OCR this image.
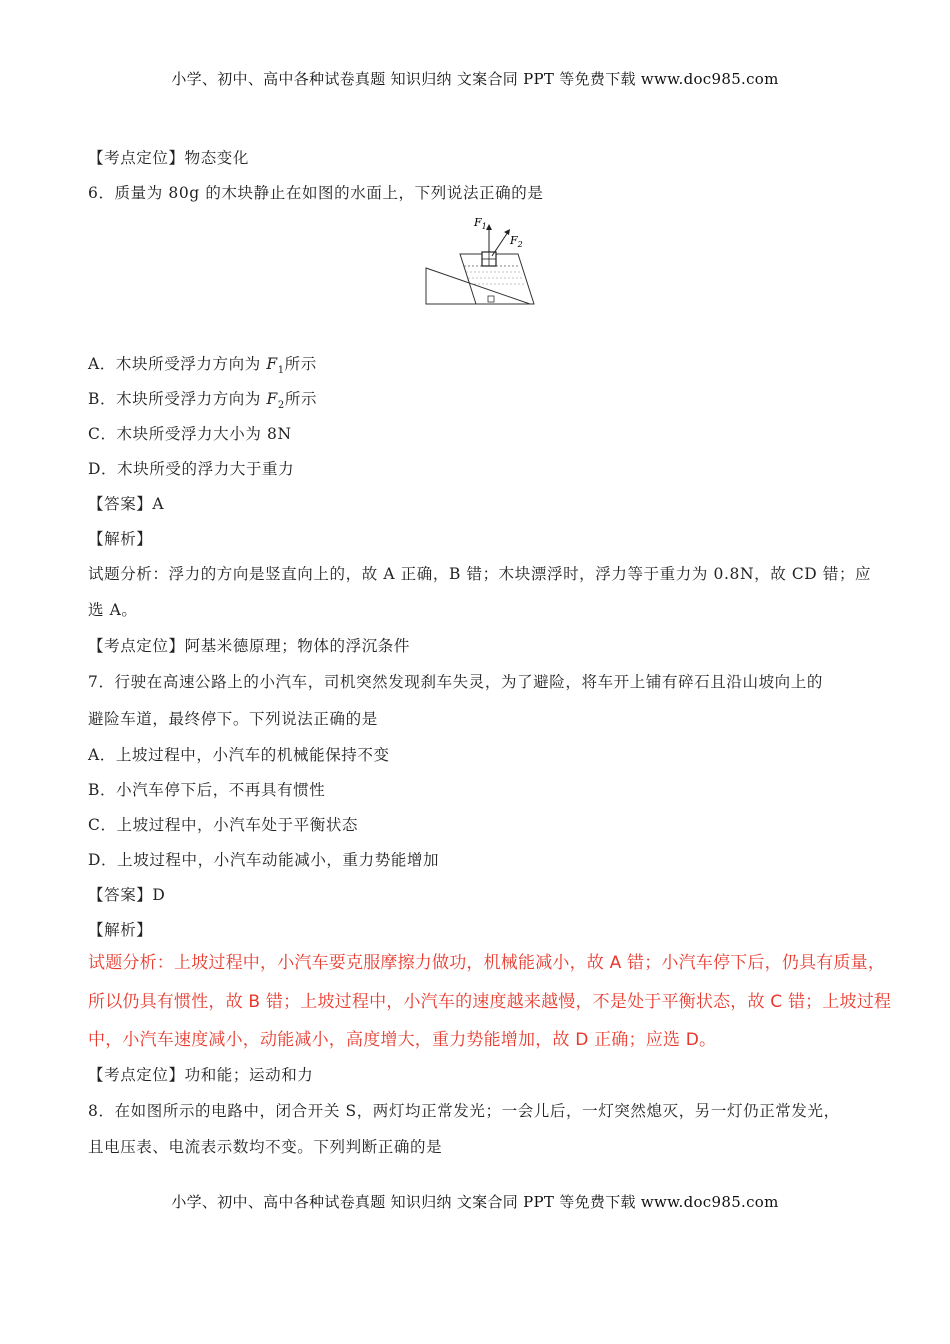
小学、初中、高中各种试卷真题 知识归纳 文案合同 PPT 等免费下载 www.doc985.com
【考点定位】物态变化
6．质量为 80g 的木块静止在如图的水面上，下列说法正确的是
$F_1$
$F_2$
A．木块所受浮力方向为 $F_1$所示
B．木块所受浮力方向为 $F_2$所示
C．木块所受浮力大小为 8N
D．木块所受的浮力大于重力
【答案】A
【解析】
试题分析：浮力的方向是竖直向上的，故 A 正确，B 错；木块漂浮时，浮力等于重力为 0.8N，故 CD 错；应
选 A。
【考点定位】阿基米德原理；物体的浮沉条件
7．行驶在高速公路上的小汽车，司机突然发现刹车失灵，为了避险，将车开上铺有碎石且沿山坡向上的
避险车道，最终停下。下列说法正确的是
A．上坡过程中，小汽车的机械能保持不变
B．小汽车停下后，不再具有惯性
C．上坡过程中，小汽车处于平衡状态
D．上坡过程中，小汽车动能减小，重力势能增加
【答案】D
【解析】
试题分析：上坡过程中，小汽车要克服摩擦力做功，机械能减小，故 A 错；小汽车停下后，仍具有质量，
所以仍具有惯性，故 B 错；上坡过程中，小汽车的速度越来越慢，不是处于平衡状态，故 C 错；上坡过程
中，小汽车速度减小，动能减小，高度增大，重力势能增加，故 D 正确；应选 D。
【考点定位】功和能；运动和力
8．在如图所示的电路中，闭合开关 S，两灯均正常发光；一会儿后，一灯突然熄灭，另一灯仍正常发光，
且电压表、电流表示数均不变。下列判断正确的是
小学、初中、高中各种试卷真题 知识归纳 文案合同 PPT 等免费下载 www.doc985.com
